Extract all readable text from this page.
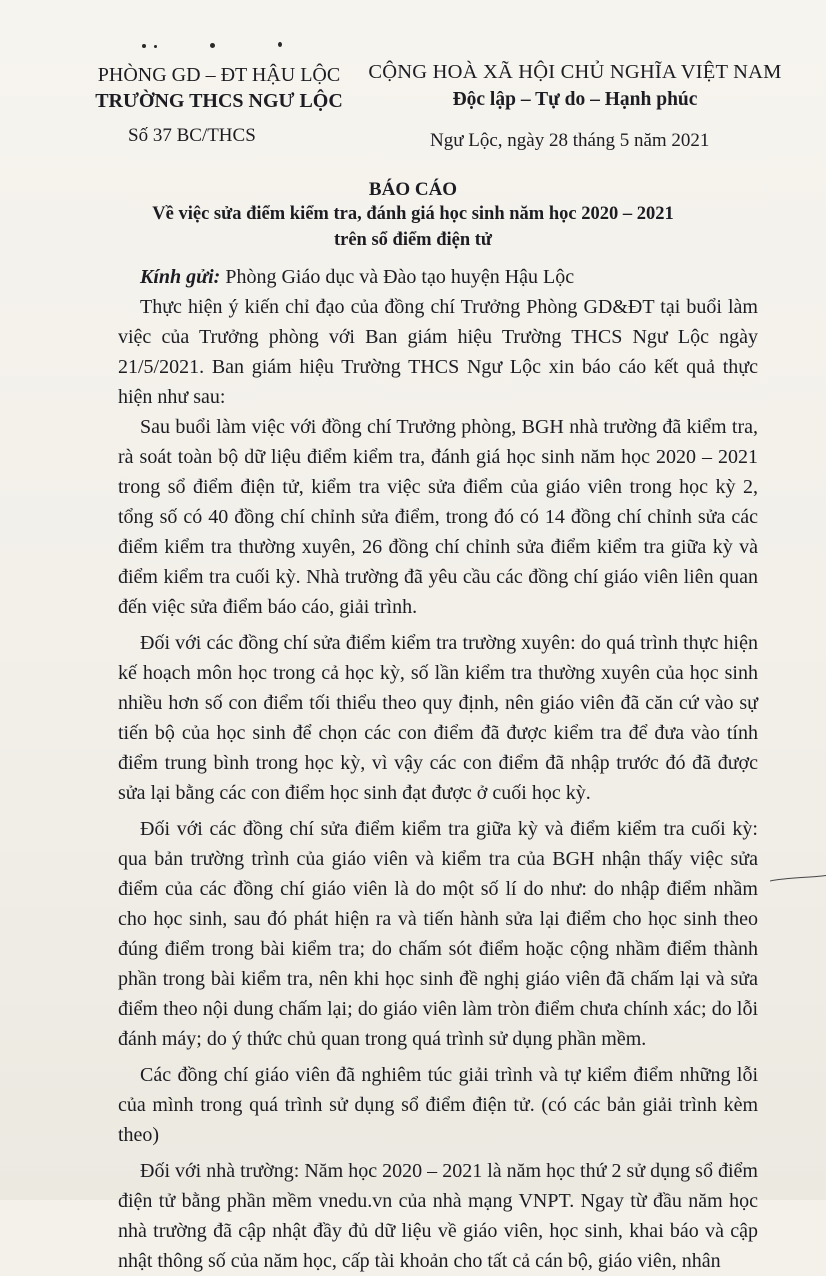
PHÒNG GD – ĐT HẬU LỘC
TRƯỜNG THCS NGƯ LỘC
CỘNG HOÀ XÃ HỘI CHỦ NGHĨA VIỆT NAM
Độc lập – Tự do – Hạnh phúc
Số 37 BC/THCS	Ngư Lộc, ngày 28 tháng 5 năm 2021
BÁO CÁO
Về việc sửa điểm kiểm tra, đánh giá học sinh năm học 2020 – 2021
trên sổ điểm điện tử

Kính gửi: Phòng Giáo dục và Đào tạo huyện Hậu Lộc

Thực hiện ý kiến chỉ đạo của đồng chí Trưởng Phòng GD&ĐT tại buổi làm việc của Trưởng phòng với Ban giám hiệu Trường THCS Ngư Lộc ngày 21/5/2021. Ban giám hiệu Trường THCS Ngư Lộc xin báo cáo kết quả thực hiện như sau:

Sau buổi làm việc với đồng chí Trưởng phòng, BGH nhà trường đã kiểm tra, rà soát toàn bộ dữ liệu điểm kiểm tra, đánh giá học sinh năm học 2020 – 2021 trong sổ điểm điện tử, kiểm tra việc sửa điểm của giáo viên trong học kỳ 2, tổng số có 40 đồng chí chỉnh sửa điểm, trong đó có 14 đồng chí chỉnh sửa các điểm kiểm tra thường xuyên, 26 đồng chí chỉnh sửa điểm kiểm tra giữa kỳ và điểm kiểm tra cuối kỳ. Nhà trường đã yêu cầu các đồng chí giáo viên liên quan đến việc sửa điểm báo cáo, giải trình.

Đối với các đồng chí sửa điểm kiểm tra trường xuyên: do quá trình thực hiện kế hoạch môn học trong cả học kỳ, số lần kiểm tra thường xuyên của học sinh nhiều hơn số con điểm tối thiểu theo quy định, nên giáo viên đã căn cứ vào sự tiến bộ của học sinh để chọn các con điểm đã được kiểm tra để đưa vào tính điểm trung bình trong học kỳ, vì vậy các con điểm đã nhập trước đó đã được sửa lại bằng các con điểm học sinh đạt được ở cuối học kỳ.

Đối với các đồng chí sửa điểm kiểm tra giữa kỳ và điểm kiểm tra cuối kỳ: qua bản trường trình của giáo viên và kiểm tra của BGH nhận thấy việc sửa điểm của các đồng chí giáo viên là do một số lí do như: do nhập điểm nhầm cho học sinh, sau đó phát hiện ra và tiến hành sửa lại điểm cho học sinh theo đúng điểm trong bài kiểm tra; do chấm sót điểm hoặc cộng nhầm điểm thành phần trong bài kiểm tra, nên khi học sinh đề nghị giáo viên đã chấm lại và sửa điểm theo nội dung chấm lại; do giáo viên làm tròn điểm chưa chính xác; do lỗi đánh máy; do ý thức chủ quan trong quá trình sử dụng phần mềm.

Các đồng chí giáo viên đã nghiêm túc giải trình và tự kiểm điểm những lỗi của mình trong quá trình sử dụng sổ điểm điện tử. (có các bản giải trình kèm theo)

Đối với nhà trường: Năm học 2020 – 2021 là năm học thứ 2 sử dụng sổ điểm điện tử bằng phần mềm vnedu.vn của nhà mạng VNPT. Ngay từ đầu năm học nhà trường đã cập nhật đầy đủ dữ liệu về giáo viên, học sinh, khai báo và cập nhật thông số của năm học, cấp tài khoản cho tất cả cán bộ, giáo viên, nhân
